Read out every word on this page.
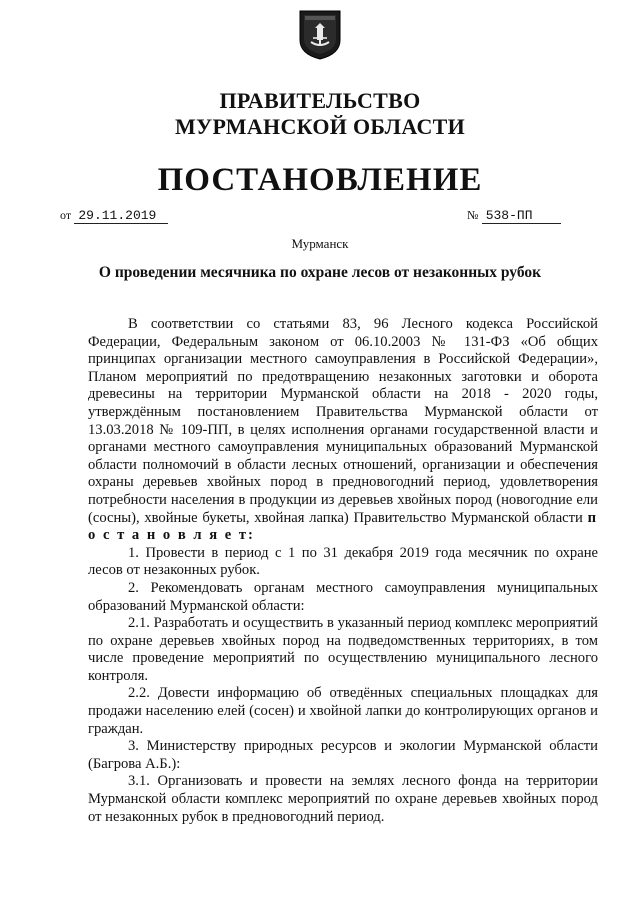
ПРАВИТЕЛЬСТВО
МУРМАНСКОЙ ОБЛАСТИ
ПОСТАНОВЛЕНИЕ
от 29.11.2019	№ 538-ПП
Мурманск
О проведении месячника по охране лесов от незаконных рубок

В соответствии со статьями 83, 96 Лесного кодекса Российской Федерации, Федеральным законом от 06.10.2003 № 131-ФЗ «Об общих принципах организации местного самоуправления в Российской Федерации», Планом мероприятий по предотвращению незаконных заготовки и оборота древесины на территории Мурманской области на 2018 - 2020 годы, утверждённым постановлением Правительства Мурманской области от 13.03.2018 № 109-ПП, в целях исполнения органами государственной власти и органами местного самоуправления муниципальных образований Мурманской области полномочий в области лесных отношений, организации и обеспечения охраны деревьев хвойных пород в предновогодний период, удовлетворения потребности населения в продукции из деревьев хвойных пород (новогодние ели (сосны), хвойные букеты, хвойная лапка) Правительство Мурманской области п о с т а н о в л я е т:

1. Провести в период с 1 по 31 декабря 2019 года месячник по охране лесов от незаконных рубок.

2. Рекомендовать органам местного самоуправления муниципальных образований Мурманской области:

2.1. Разработать и осуществить в указанный период комплекс мероприятий по охране деревьев хвойных пород на подведомственных территориях, в том числе проведение мероприятий по осуществлению муниципального лесного контроля.

2.2. Довести информацию об отведённых специальных площадках для продажи населению елей (сосен) и хвойной лапки до контролирующих органов и граждан.

3. Министерству природных ресурсов и экологии Мурманской области (Багрова А.Б.):

3.1. Организовать и провести на землях лесного фонда на территории Мурманской области комплекс мероприятий по охране деревьев хвойных пород от незаконных рубок в предновогодний период.
